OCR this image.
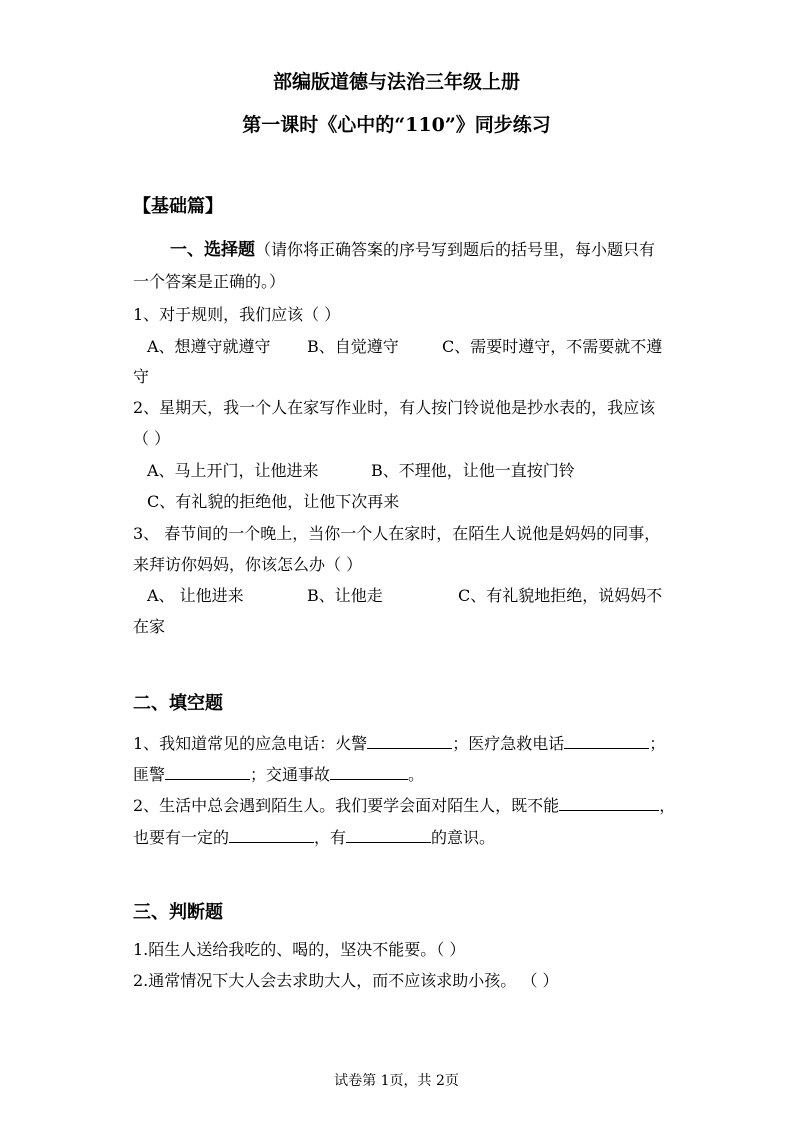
部编版道德与法治三年级上册
第一课时《心中的“110”》同步练习
【基础篇】
一、选择题（请你将正确答案的序号写到题后的括号里，每小题只有
一个答案是正确的。）
1、对于规则，我们应该（ ）
A、想遵守就遵守 B、自觉遵守	C、需要时遵守，不需要就不遵
守
2、星期天，我一个人在家写作业时，有人按门铃说他是抄水表的，我应该
（ ）
A、马上开门，让他进来	B、不理他，让他一直按门铃
C、有礼貌的拒绝他，让他下次再来
3、 春节间的一个晚上，当你一个人在家时，在陌生人说他是妈妈的同事，
来拜访你妈妈，你该怎么办（ ）
A、 让他进来	B、让他走	C、有礼貌地拒绝，说妈妈不
在家
二、填空题
1、我知道常见的应急电话：火警	；医疗急救电话	；
匪警	；交通事故	。
2、生活中总会遇到陌生人。我们要学会面对陌生人，既不能	，
也要有一定的	，有	的意识。
三、判断题
1.陌生人送给我吃的、喝的，坚决不能要。（ ）
2.通常情况下大人会去求助大人，而不应该求助小孩。 （ ）
试卷第 1页，共 2页
